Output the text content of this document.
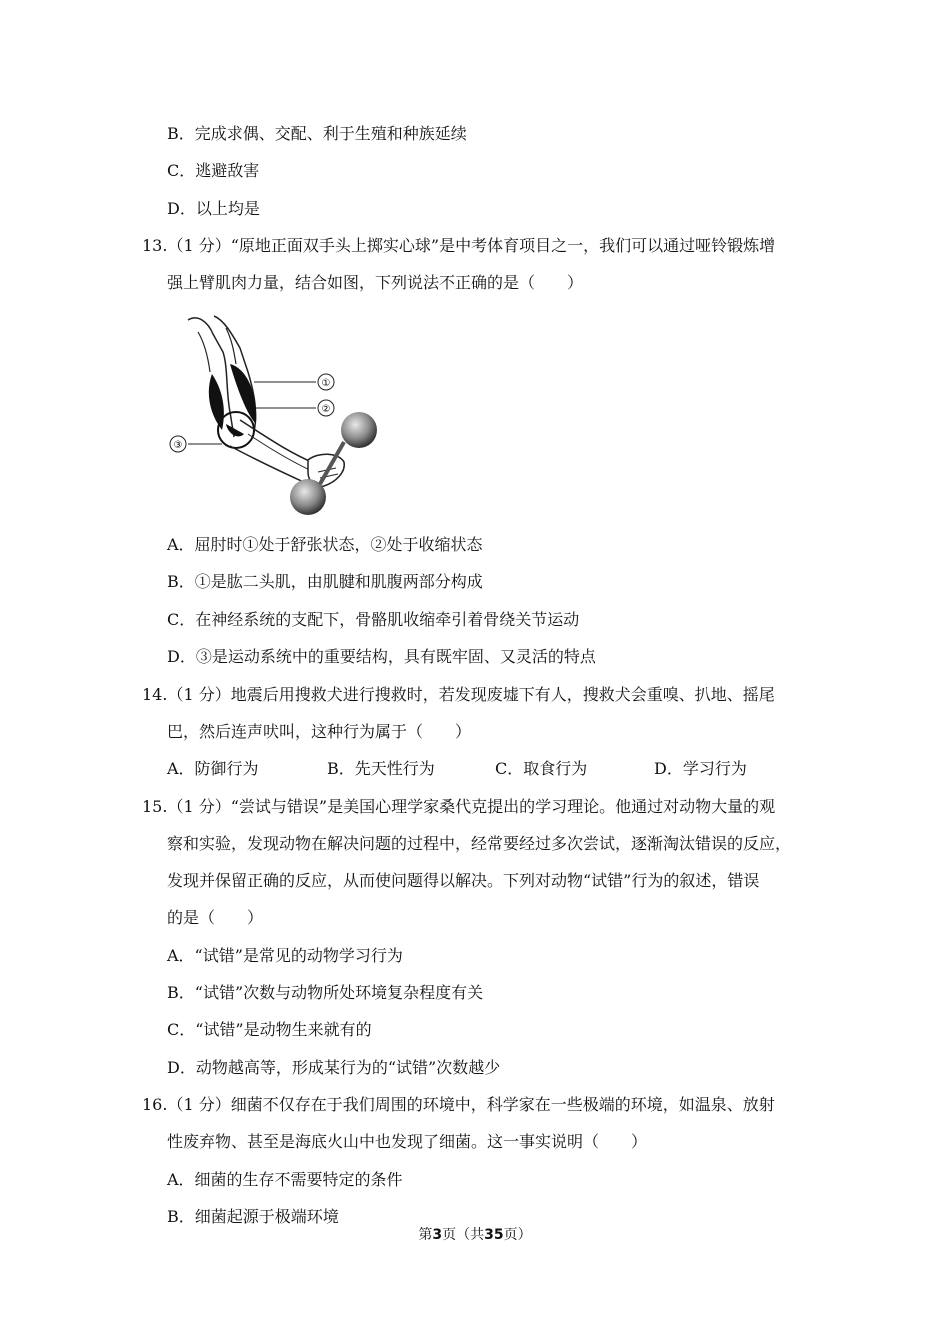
B．完成求偶、交配、利于生殖和种族延续
C．逃避敌害
D．以上均是
13.（1 分）“原地正面双手头上掷实心球”是中考体育项目之一，我们可以通过哑铃锻炼增
强上臂肌肉力量，结合如图，下列说法不正确的是（　　）
①
②
③
A．屈肘时①处于舒张状态，②处于收缩状态
B．①是肱二头肌，由肌腱和肌腹两部分构成
C．在神经系统的支配下，骨骼肌收缩牵引着骨绕关节运动
D．③是运动系统中的重要结构，具有既牢固、又灵活的特点
14.（1 分）地震后用搜救犬进行搜救时，若发现废墟下有人，搜救犬会重嗅、扒地、摇尾
巴，然后连声吠叫，这种行为属于（　　）
A．防御行为	B．先天性行为	C．取食行为	D．学习行为
15.（1 分）“尝试与错误”是美国心理学家桑代克提出的学习理论。他通过对动物大量的观
察和实验，发现动物在解决问题的过程中，经常要经过多次尝试，逐渐淘汰错误的反应，
发现并保留正确的反应，从而使问题得以解决。下列对动物“试错”行为的叙述，错误
的是（　　）
A．“试错”是常见的动物学习行为
B．“试错”次数与动物所处环境复杂程度有关
C．“试错”是动物生来就有的
D．动物越高等，形成某行为的“试错”次数越少
16.（1 分）细菌不仅存在于我们周围的环境中，科学家在一些极端的环境，如温泉、放射
性废弃物、甚至是海底火山中也发现了细菌。这一事实说明（　　）
A．细菌的生存不需要特定的条件
B．细菌起源于极端环境
第3页（共35页）
